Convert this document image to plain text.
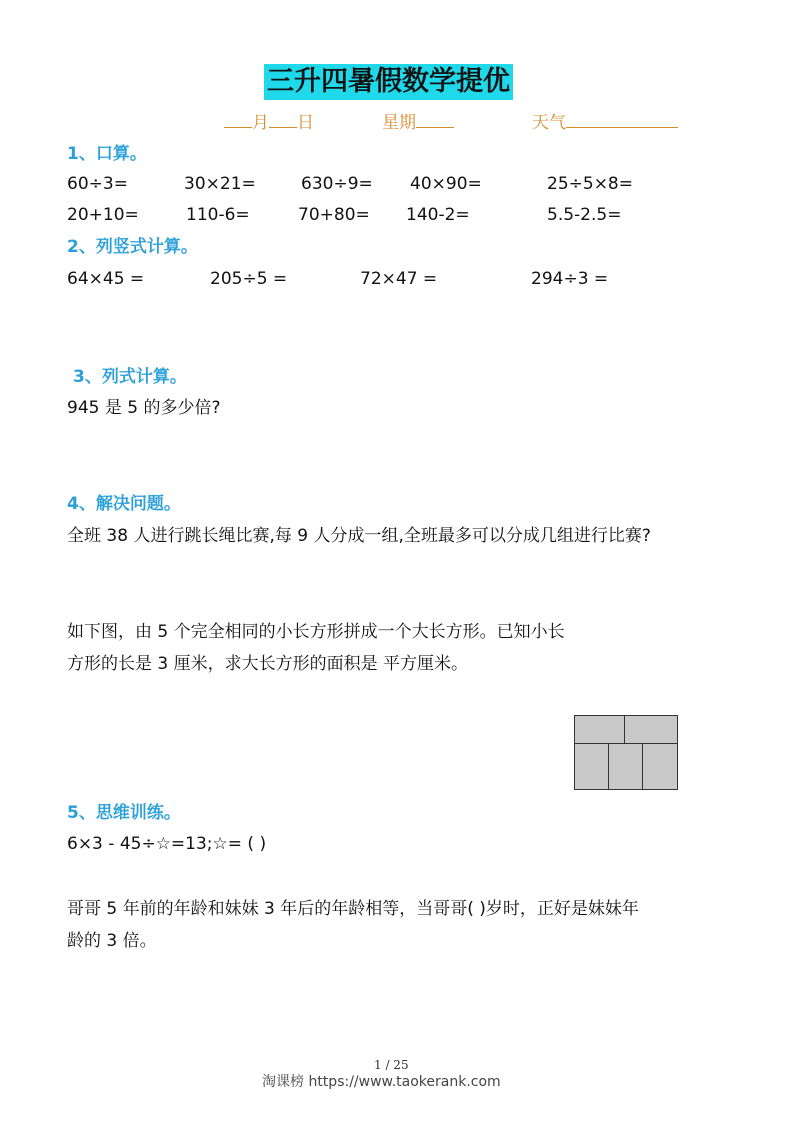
三升四暑假数学提优
月 日	星期	天气
1、口算。
60÷3=	30×21=	630÷9= 40×90=	25÷5×8=
20+10=	110-6=	70+80= 140-2=	5.5-2.5=
2、列竖式计算。
64×45 =	205÷5 =	72×47 =	294÷3 =
3、列式计算。
945 是 5 的多少倍?
4、解决问题。
全班 38 人进行跳长绳比赛,每 9 人分成一组,全班最多可以分成几组进行比赛?
如下图，由 5 个完全相同的小长方形拼成一个大长方形。已知小长
方形的长是 3 厘米，求大长方形的面积是 平方厘米。
5、思维训练。
6×3 - 45÷☆=13;☆= ( )
哥哥 5 年前的年龄和妹妹 3 年后的年龄相等，当哥哥( )岁时，正好是妹妹年
龄的 3 倍。
1 / 25
淘课榜 https://www.taokerank.com
